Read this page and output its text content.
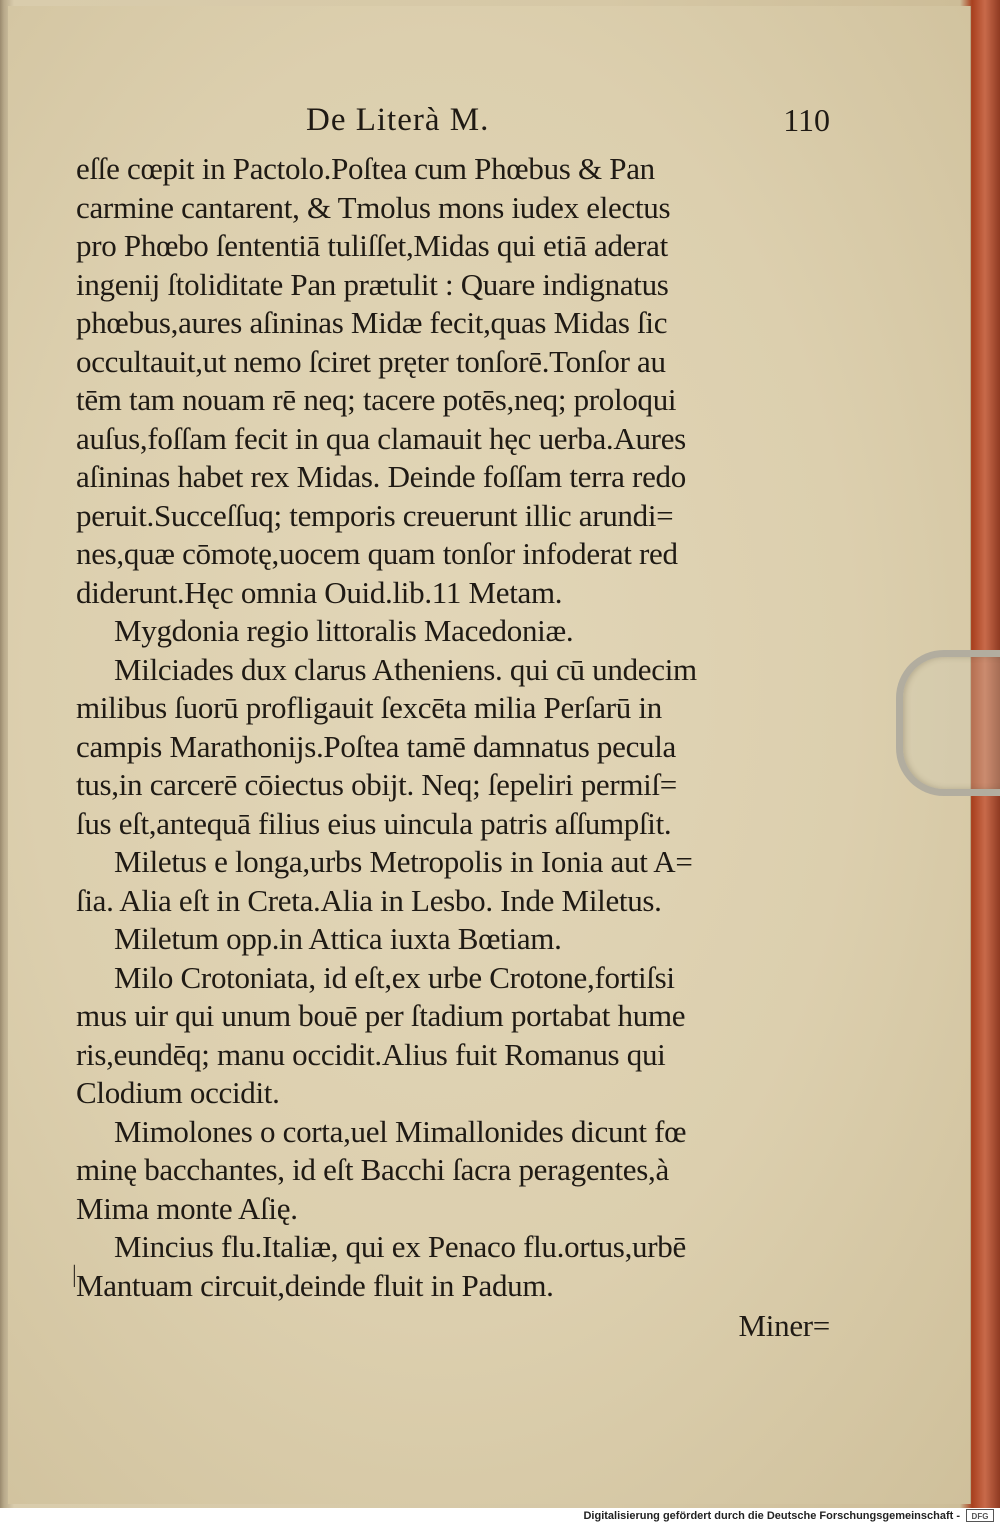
De Literà M.	110
eſſe cœpit in Pactolo.Poſtea cum Phœbus & Pan
carmine cantarent, & Tmolus mons iudex electus
pro Phœbo ſententiā tuliſſet,Midas qui etiā aderat
ingenij ſtoliditate Pan prætulit : Quare indignatus
phœbus,aures aſininas Midæ fecit,quas Midas ſic
occultauit,ut nemo ſciret pręter tonſorē.Tonſor au
tēm tam nouam rē neq; tacere potēs,neq; proloqui
auſus,foſſam fecit in qua clamauit hęc uerba.Aures
aſininas habet rex Midas. Deinde foſſam terra redo
peruit.Succeſſuq; temporis creuerunt illic arundi=
nes,quæ cōmotę,uocem quam tonſor infoderat red
diderunt.Hęc omnia Ouid.lib.11 Metam.
Mygdonia regio littoralis Macedoniæ.
Milciades dux clarus Atheniens. qui cū undecim
milibus ſuorū profligauit ſexcēta milia Perſarū in
campis Marathonijs.Poſtea tamē damnatus pecula
tus,in carcerē cōiectus obijt. Neq; ſepeliri permiſ=
ſus eſt,antequā filius eius uincula patris aſſumpſit.
Miletus e longa,urbs Metropolis in Ionia aut A=
ſia. Alia eſt in Creta.Alia in Lesbo. Inde Miletus.
Miletum opp.in Attica iuxta Bœtiam.
Milo Crotoniata, id eſt,ex urbe Crotone,fortiſsi
mus uir qui unum bouē per ſtadium portabat hume
ris,eundēq; manu occidit.Alius fuit Romanus qui
Clodium occidit.
Mimolones o corta,uel Mimallonides dicunt fœ
minę bacchantes, id eſt Bacchi ſacra peragentes,à
Mima monte Aſię.
Mincius flu.Italiæ, qui ex Penaco flu.ortus,urbē
Mantuam circuit,deinde fluit in Padum.
Miner=
|
Digitalisierung gefördert durch die Deutsche Forschungsgemeinschaft -	DFG
